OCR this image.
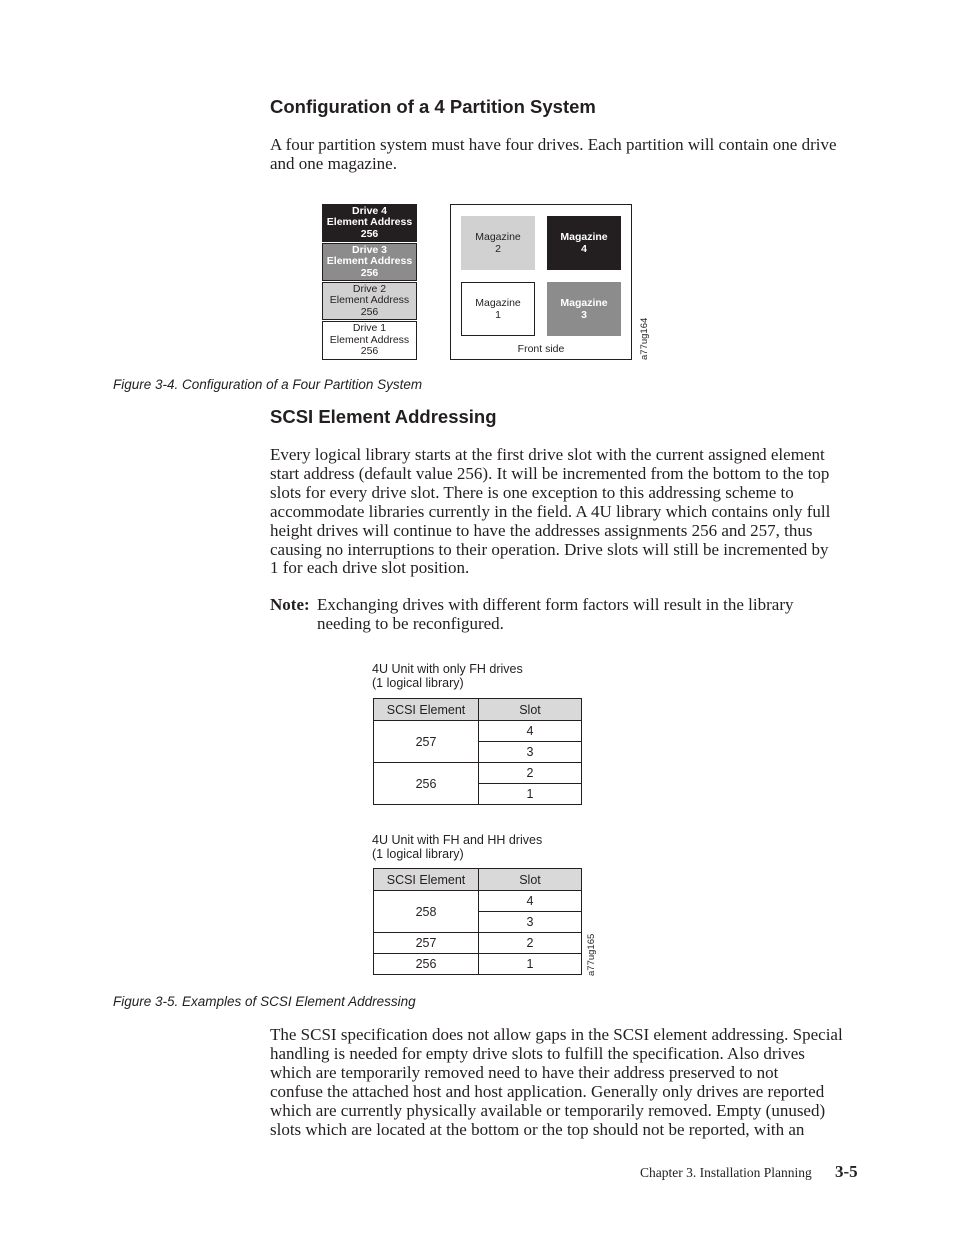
Configuration of a 4 Partition System

A four partition system must have four drives. Each partition will contain one drive and one magazine.

Drive 4
Element Address
256
Drive 3
Element Address
256
Drive 2
Element Address
256
Drive 1
Element Address
256
Magazine
2
Magazine
4
Magazine
1
Magazine
3
Front side	a77ug164
Figure 3-4. Configuration of a Four Partition System
SCSI Element Addressing
Every logical library starts at the first drive slot with the current assigned element
start address (default value 256). It will be incremented from the bottom to the top
slots for every drive slot. There is one exception to this addressing scheme to
accommodate libraries currently in the field. A 4U library which contains only full
height drives will continue to have the addresses assignments 256 and 257, thus
causing no interruptions to their operation. Drive slots will still be incremented by
1 for each drive slot position.
Note: Exchanging drives with different form factors will result in the library
needing to be reconfigured.
4U Unit with only FH drives
(1 logical library)
SCSI Element	Slot
257	4
	3
256	2
	1
4U Unit with FH and HH drives
(1 logical library)
SCSI Element	Slot
258	4
	3
257	2
256	1	a77ug165
Figure 3-5. Examples of SCSI Element Addressing
The SCSI specification does not allow gaps in the SCSI element addressing. Special
handling is needed for empty drive slots to fulfill the specification. Also drives
which are temporarily removed need to have their address preserved to not
confuse the attached host and host application. Generally only drives are reported
which are currently physically available or temporarily removed. Empty (unused)
slots which are located at the bottom or the top should not be reported, with an
Chapter 3. Installation Planning 3-5
